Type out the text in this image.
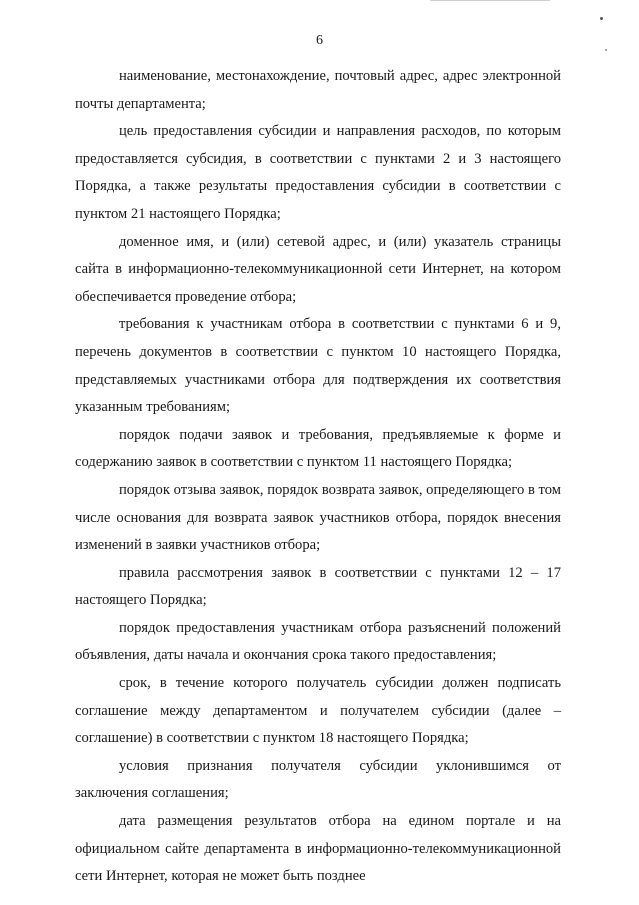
6

наименование, местонахождение, почтовый адрес, адрес электронной почты департамента;

цель предоставления субсидии и направления расходов, по которым предоставляется субсидия, в соответствии с пунктами 2 и 3 настоящего Порядка, а также результаты предоставления субсидии в соответствии с пунктом 21 настоящего Порядка;

доменное имя, и (или) сетевой адрес, и (или) указатель страницы сайта в информационно-телекоммуникационной сети Интернет, на котором обеспечивается проведение отбора;

требования к участникам отбора в соответствии с пунктами 6 и 9, перечень документов в соответствии с пунктом 10 настоящего Порядка, представляемых участниками отбора для подтверждения их соответствия указанным требованиям;

порядок подачи заявок и требования, предъявляемые к форме и содержанию заявок в соответствии с пунктом 11 настоящего Порядка;

порядок отзыва заявок, порядок возврата заявок, определяющего в том числе основания для возврата заявок участников отбора, порядок внесения изменений в заявки участников отбора;

правила рассмотрения заявок в соответствии с пунктами 12 – 17 настоящего Порядка;

порядок предоставления участникам отбора разъяснений положений объявления, даты начала и окончания срока такого предоставления;

срок, в течение которого получатель субсидии должен подписать соглашение между департаментом и получателем субсидии (далее – соглашение) в соответствии с пунктом 18 настоящего Порядка;

условия признания получателя субсидии уклонившимся от заключения соглашения;

дата размещения результатов отбора на едином портале и на официальном сайте департамента в информационно-телекоммуникационной сети Интернет, которая не может быть позднее
